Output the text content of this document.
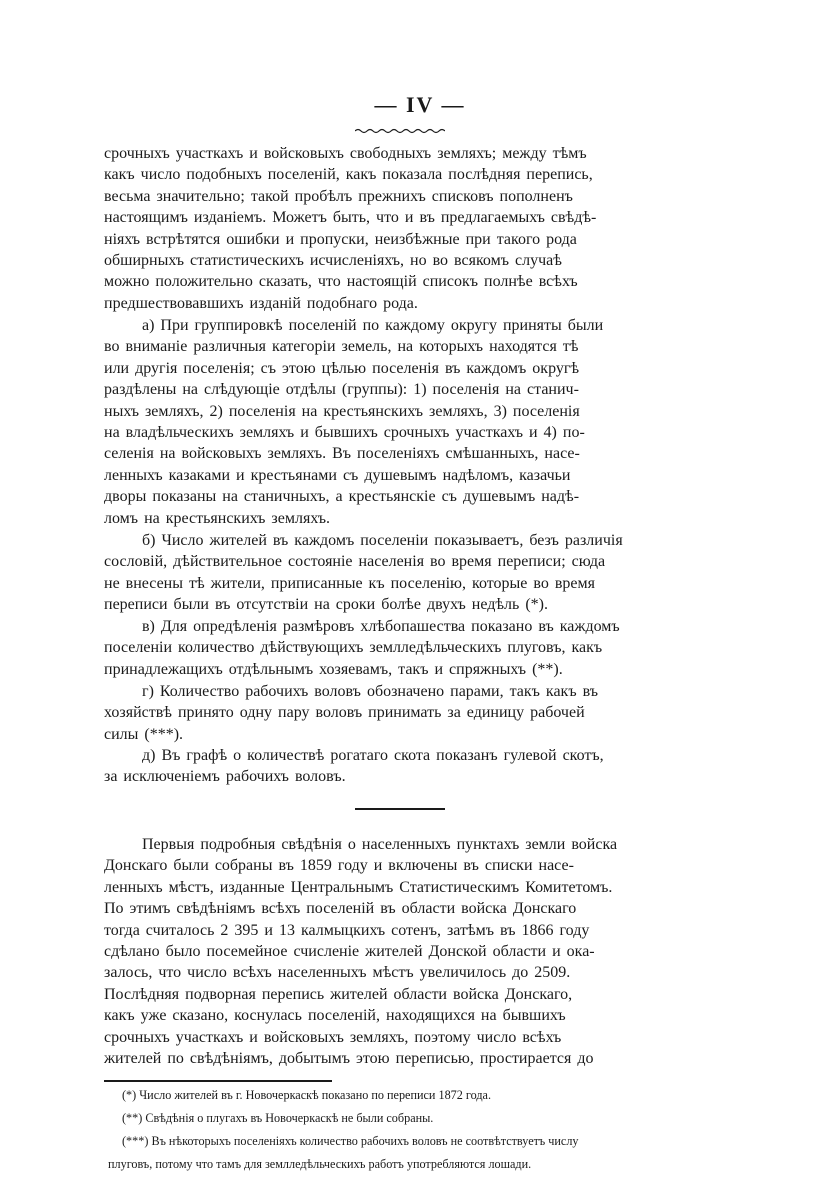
— IV —

срочныхъ участкахъ и войсковыхъ свободныхъ земляхъ; между тѣмъ

какъ число подобныхъ поселеній, какъ показала послѣдняя перепись,

весьма значительно; такой пробѣлъ прежнихъ списковъ пополненъ

настоящимъ изданіемъ. Можетъ быть, что и въ предлагаемыхъ свѣдѣ-

ніяхъ встрѣтятся ошибки и пропуски, неизбѣжные при такого рода

обширныхъ статистическихъ исчисленіяхъ, но во всякомъ случаѣ

можно положительно сказать, что настоящій списокъ полнѣе всѣхъ

предшествовавшихъ изданій подобнаго рода.

а) При группировкѣ поселеній по каждому округу приняты были

во вниманіе различныя категоріи земель, на которыхъ находятся тѣ

или другія поселенія; съ этою цѣлью поселенія въ каждомъ округѣ

раздѣлены на слѣдующіе отдѣлы (группы): 1) поселенія на станич-

ныхъ земляхъ, 2) поселенія на крестьянскихъ земляхъ, 3) поселенія

на владѣльческихъ земляхъ и бывшихъ срочныхъ участкахъ и 4) по-

селенія на войсковыхъ земляхъ. Въ поселеніяхъ смѣшанныхъ, насе-

ленныхъ казаками и крестьянами съ душевымъ надѣломъ, казачьи

дворы показаны на станичныхъ, а крестьянскіе съ душевымъ надѣ-

ломъ на крестьянскихъ земляхъ.

б) Число жителей въ каждомъ поселеніи показываетъ, безъ различія

сословій, дѣйствительное состояніе населенія во время переписи; сюда

не внесены тѣ жители, приписанные къ поселенію, которые во время

переписи были въ отсутствіи на сроки болѣе двухъ недѣль (*).

в) Для опредѣленія размѣровъ хлѣбопашества показано въ каждомъ

поселеніи количество дѣйствующихъ землледѣльческихъ плуговъ, какъ

принадлежащихъ отдѣльнымъ хозяевамъ, такъ и спряжныхъ (**).

г) Количество рабочихъ воловъ обозначено парами, такъ какъ въ

хозяйствѣ принято одну пару воловъ принимать за единицу рабочей

силы (***).

д) Въ графѣ о количествѣ рогатаго скота показанъ гулевой скотъ,

за исключеніемъ рабочихъ воловъ.

Первыя подробныя свѣдѣнія о населенныхъ пунктахъ земли войска

Донскаго были собраны въ 1859 году и включены въ списки насе-

ленныхъ мѣстъ, изданные Центральнымъ Статистическимъ Комитетомъ.

По этимъ свѣдѣніямъ всѣхъ поселеній въ области войска Донскаго

тогда считалось 2 395 и 13 калмыцкихъ сотенъ, затѣмъ въ 1866 году

сдѣлано было посемейное счисленіе жителей Донской области и ока-

залось, что число всѣхъ населенныхъ мѣстъ увеличилось до 2509.

Послѣдняя подворная перепись жителей области войска Донскаго,

какъ уже сказано, коснулась поселеній, находящихся на бывшихъ

срочныхъ участкахъ и войсковыхъ земляхъ, поэтому число всѣхъ

жителей по свѣдѣніямъ, добытымъ этою переписью, простирается до

(*) Число жителей въ г. Новочеркаскѣ показано по переписи 1872 года.

(**) Свѣдѣнія о плугахъ въ Новочеркаскѣ не были собраны.

(***) Въ нѣкоторыхъ поселеніяхъ количество рабочихъ воловъ не соотвѣтствуетъ числу

плуговъ, потому что тамъ для землледѣльческихъ работъ употребляются лошади.
